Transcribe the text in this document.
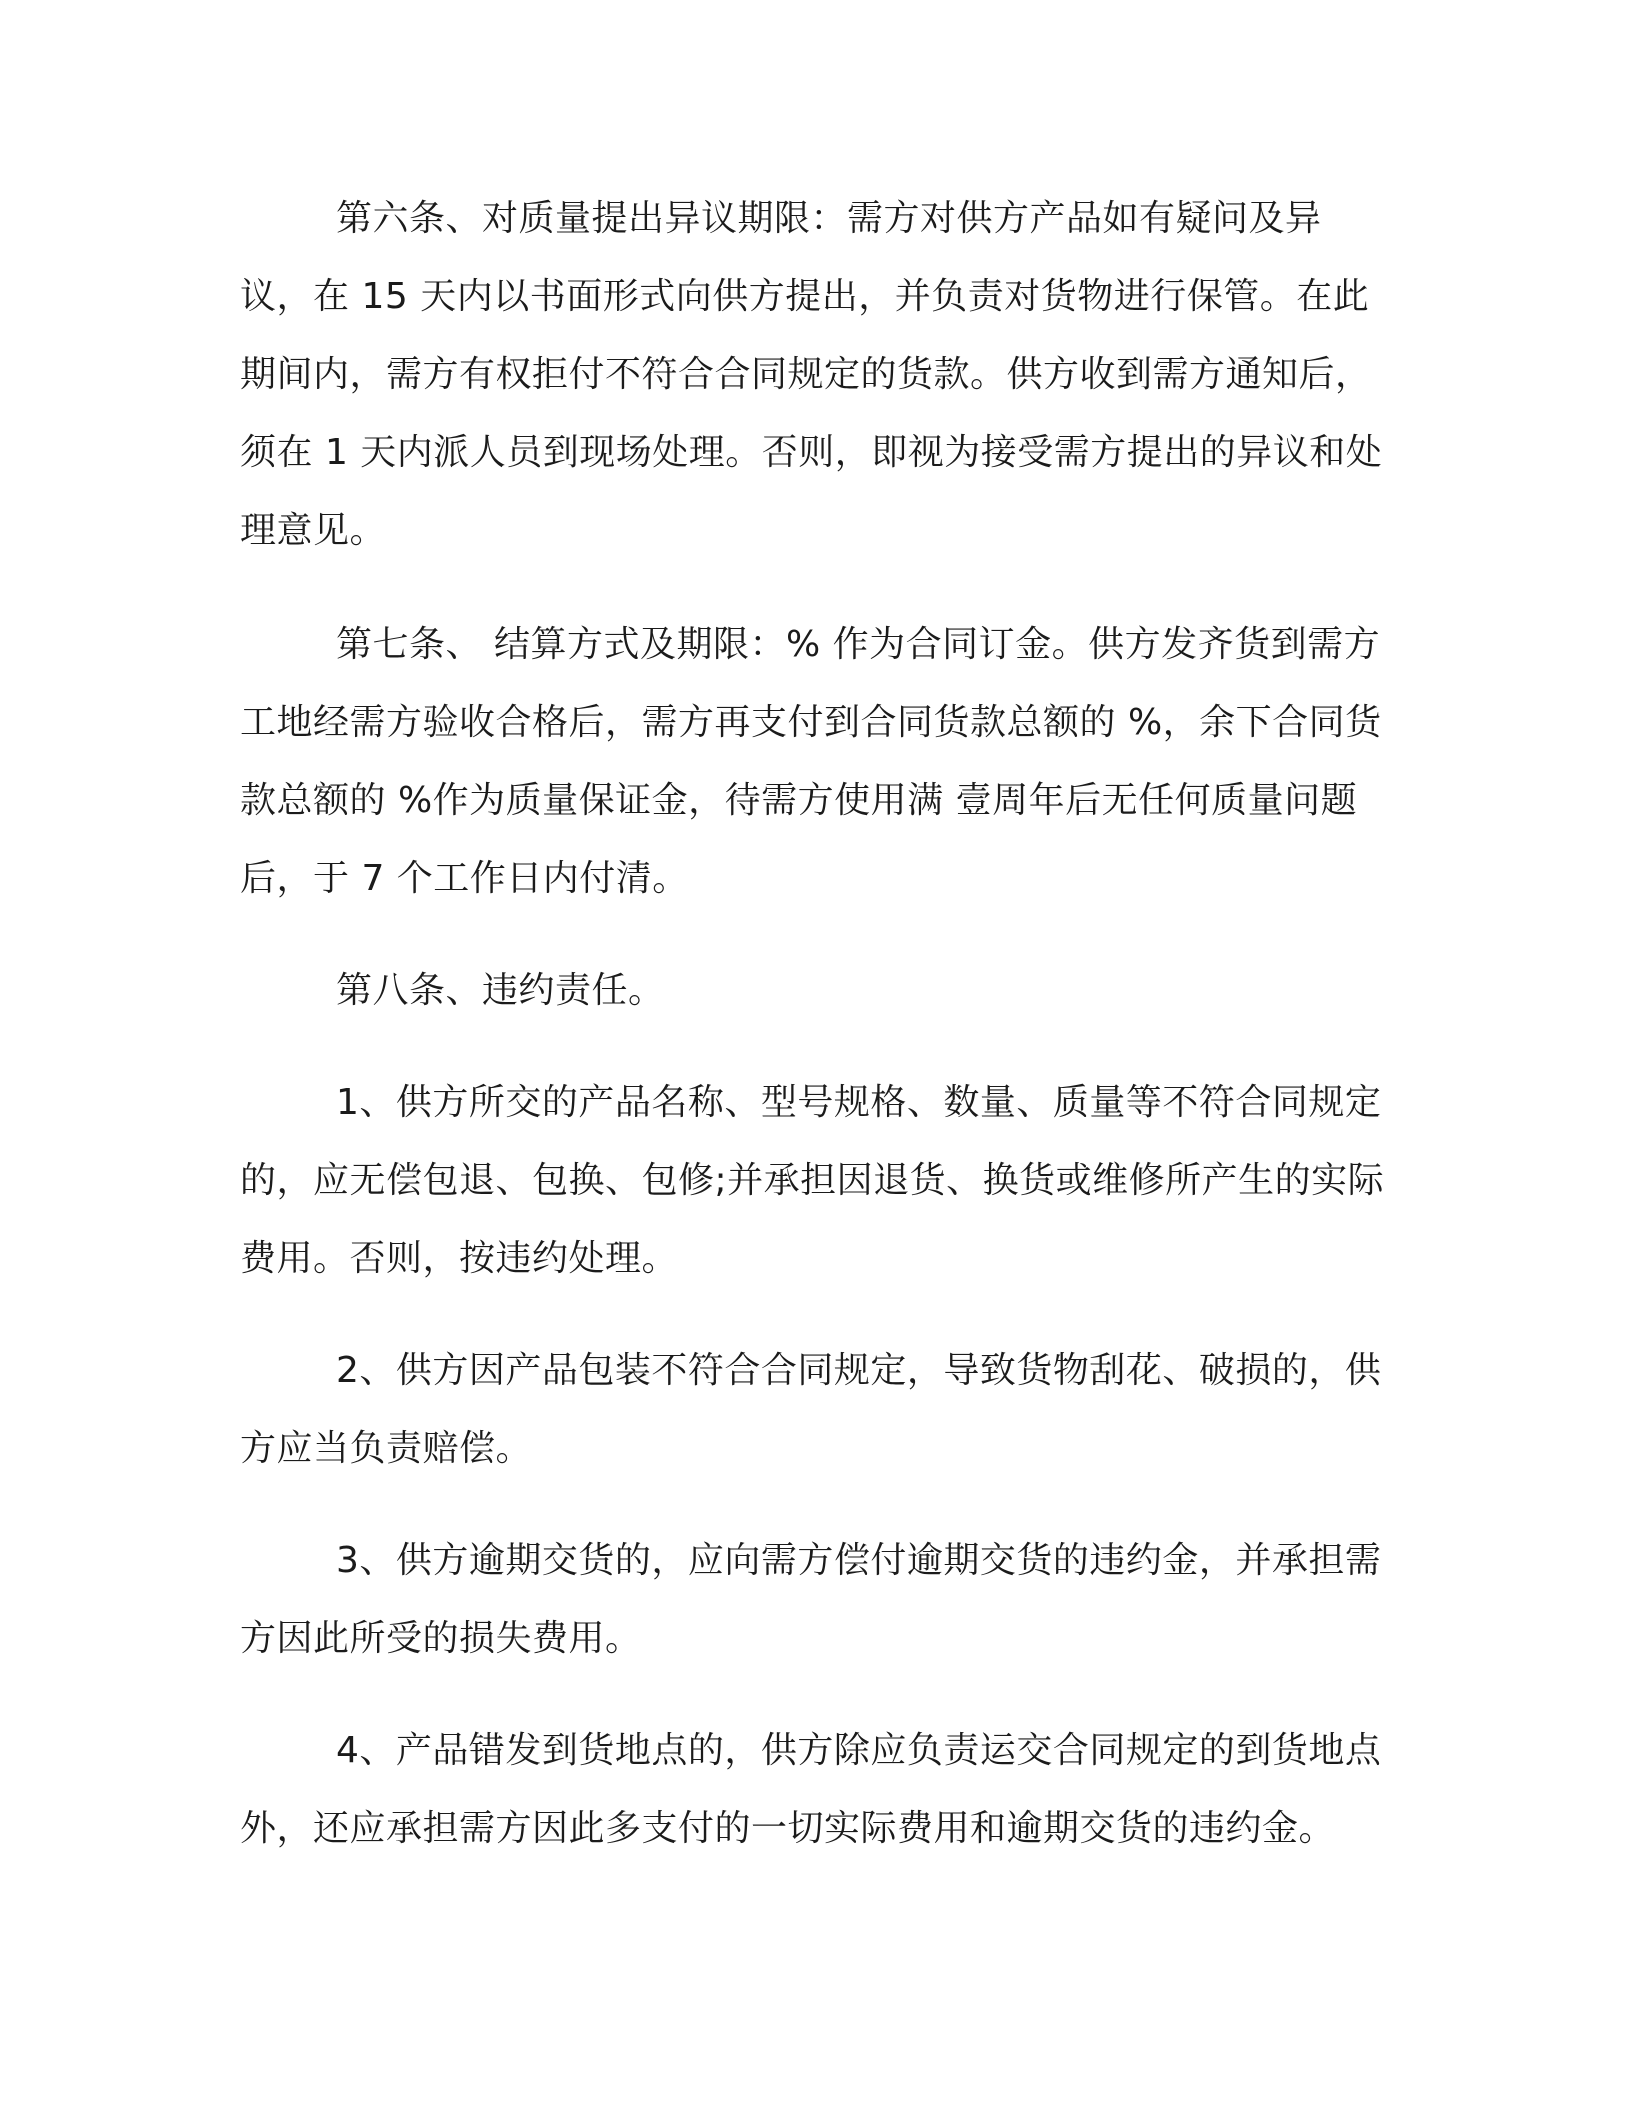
第六条、对质量提出异议期限：需方对供方产品如有疑问及异议，在 15 天内以书面形式向供方提出，并负责对货物进行保管。在此期间内，需方有权拒付不符合合同规定的货款。供方收到需方通知后，须在 1 天内派人员到现场处理。否则，即视为接受需方提出的异议和处理意见。

第七条、 结算方式及期限：% 作为合同订金。供方发齐货到需方工地经需方验收合格后，需方再支付到合同货款总额的 %，余下合同货款总额的 %作为质量保证金，待需方使用满 壹周年后无任何质量问题后，于 7 个工作日内付清。

第八条、违约责任。

1、供方所交的产品名称、型号规格、数量、质量等不符合同规定的，应无偿包退、包换、包修;并承担因退货、换货或维修所产生的实际费用。否则，按违约处理。

2、供方因产品包装不符合合同规定，导致货物刮花、破损的，供方应当负责赔偿。

3、供方逾期交货的，应向需方偿付逾期交货的违约金，并承担需方因此所受的损失费用。

4、产品错发到货地点的，供方除应负责运交合同规定的到货地点外，还应承担需方因此多支付的一切实际费用和逾期交货的违约金。
